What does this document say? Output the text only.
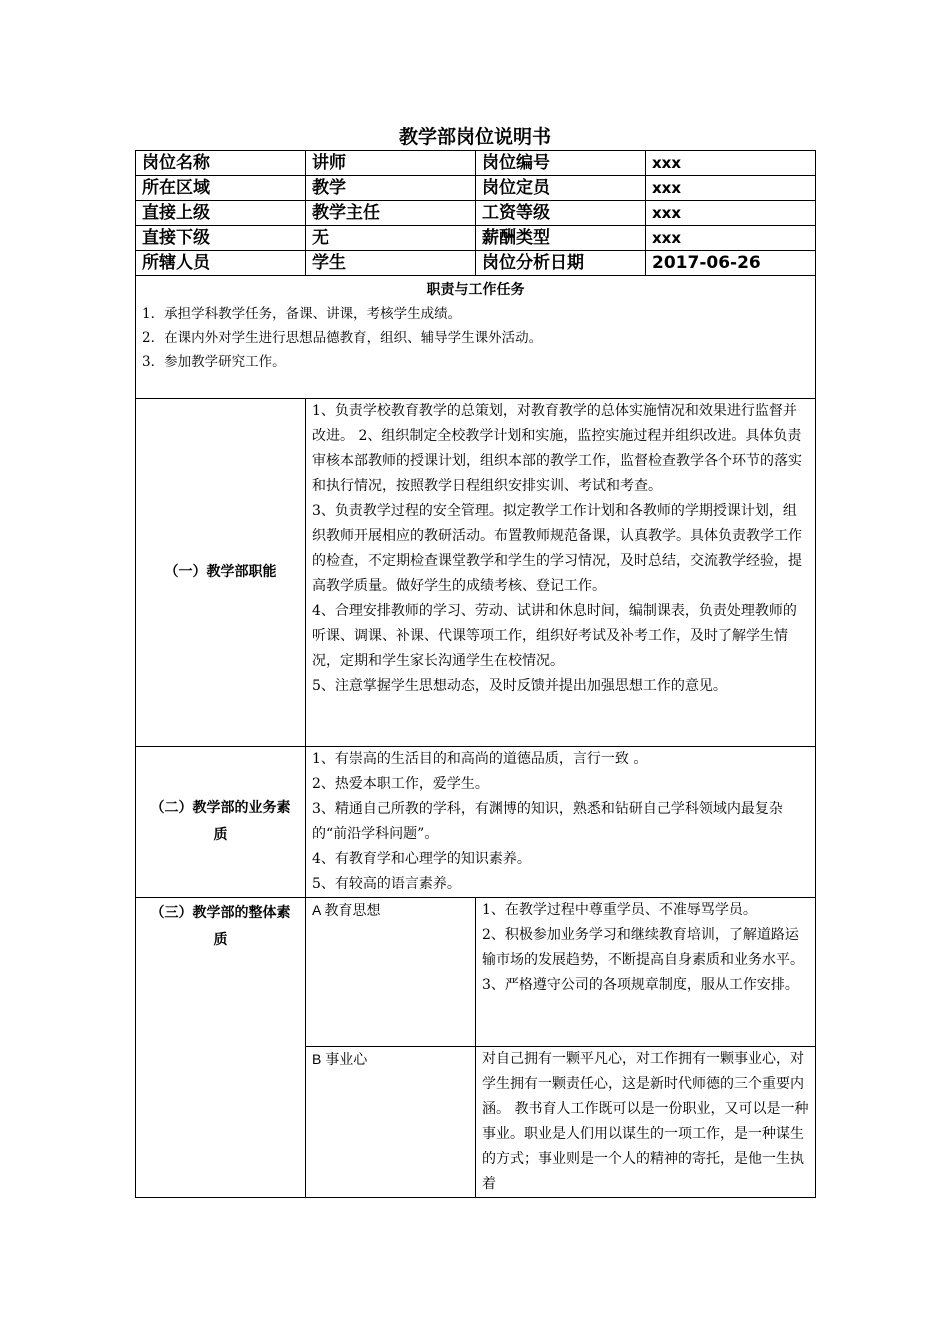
教学部岗位说明书
岗位名称	讲师	岗位编号	xxx
所在区域	教学	岗位定员	xxx
直接上级	教学主任	工资等级	xxx
直接下级	无	薪酬类型	xxx
所辖人员	学生	岗位分析日期	2017-06-26

职责与工作任务

1．承担学科教学任务，备课、讲课，考核学生成绩。

2．在课内外对学生进行思想品德教育，组织、辅导学生课外活动。

3．参加教学研究工作。			

（一）教学部职能	1、负责学校教育教学的总策划，对教育教学的总体实施情况和效果进行监督并改进。 2、组织制定全校教学计划和实施，监控实施过程并组织改进。具体负责审核本部教师的授课计划，组织本部的教学工作，监督检查教学各个环节的落实和执行情况，按照教学日程组织安排实训、考试和考查。

3、负责教学过程的安全管理。拟定教学工作计划和各教师的学期授课计划，组织教师开展相应的教研活动。布置教师规范备课，认真教学。具体负责教学工作的检查，不定期检查课堂教学和学生的学习情况，及时总结，交流教学经验，提高教学质量。做好学生的成绩考核、登记工作。

4、合理安排教师的学习、劳动、试讲和休息时间，编制课表，负责处理教师的听课、调课、补课、代课等项工作，组织好考试及补考工作，及时了解学生情况，定期和学生家长沟通学生在校情况。

5、注意掌握学生思想动态，及时反馈并提出加强思想工作的意见。		

（二）教学部的业务素质	1、有崇高的生活目的和高尚的道德品质，言行一致 。

2、热爱本职工作，爱学生。

3、精通自己所教的学科，有渊博的知识，熟悉和钻研自己学科领域内最复杂的“前沿学科问题”。

4、有教育学和心理学的知识素养。

5、有较高的语言素养。		

（三）教学部的整体素质	A 教育思想	1、在教学过程中尊重学员、不准辱骂学员。

2、积极参加业务学习和继续教育培训，了解道路运输市场的发展趋势，不断提高自身素质和业务水平。

3、严格遵守公司的各项规章制度，服从工作安排。	

	B 事业心	对自己拥有一颗平凡心，对工作拥有一颗事业心，对学生拥有一颗责任心，这是新时代师德的三个重要内涵。 教书育人工作既可以是一份职业，又可以是一种事业。职业是人们用以谋生的一项工作，是一种谋生的方式；事业则是一个人的精神的寄托，是他一生执着	
